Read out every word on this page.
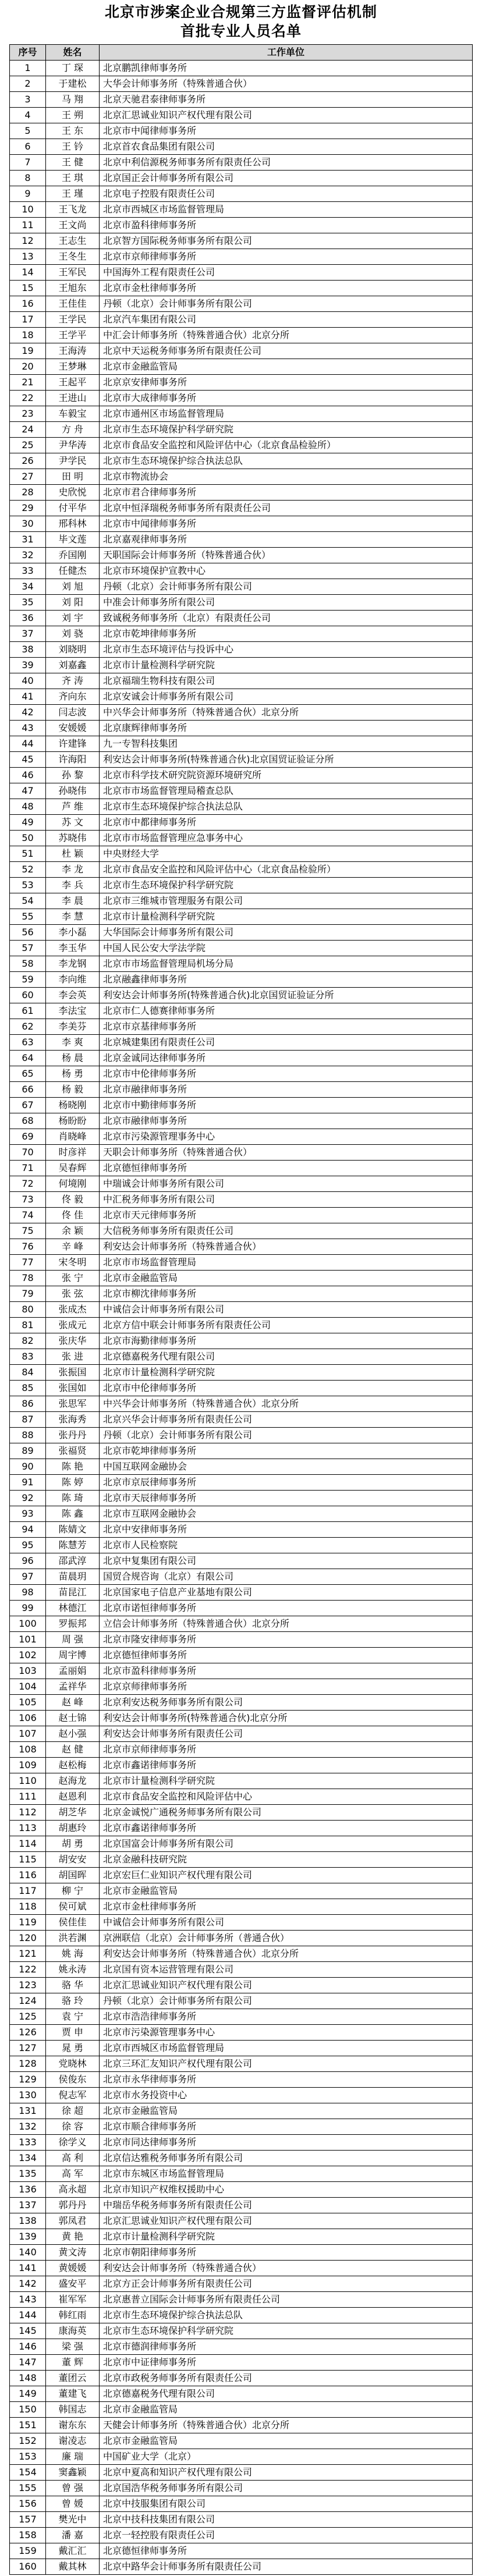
北京市涉案企业合规第三方监督评估机制
首批专业人员名单
序号	姓名	工作单位
1	丁 琛	北京鹏凯律师事务所
2	于建松	大华会计师事务所（特殊普通合伙）
3	马 翔	北京天驰君泰律师事务所
4	王 朔	北京汇思诚业知识产权代理有限公司
5	王 东	北京市中闻律师事务所
6	王 钤	北京首农食品集团有限公司
7	王 健	北京中利信源税务师事务所有限责任公司
8	王 琪	北京国正会计师事务所有限公司
9	王 瑾	北京电子控股有限责任公司
10	王飞龙	北京市西城区市场监督管理局
11	王文尚	北京市盈科律师事务所
12	王志生	北京智方国际税务师事务所有限公司
13	王冬生	北京市京师律师事务所
14	王军民	中国海外工程有限责任公司
15	王旭东	北京市金杜律师事务所
16	王佳佳	丹顿（北京）会计师事务所有限公司
17	王学民	北京汽车集团有限公司
18	王学平	中汇会计师事务所（特殊普通合伙）北京分所
19	王海涛	北京中天运税务师事务所有限责任公司
20	王梦琳	北京市金融监管局
21	王起平	北京京安律师事务所
22	王进山	北京市大成律师事务所
23	车毅宝	北京市通州区市场监督管理局
24	方 舟	北京市生态环境保护科学研究院
25	尹华涛	北京市食品安全监控和风险评估中心（北京食品检验所）
26	尹学民	北京市生态环境保护综合执法总队
27	田 明	北京市物流协会
28	史欣悦	北京市君合律师事务所
29	付平华	北京中恒泽瑞税务师事务所有限责任公司
30	邢科林	北京市中闻律师事务所
31	毕文莲	北京嘉观律师事务所
32	乔国刚	天职国际会计师事务所（特殊普通合伙）
33	任健杰	北京市环境保护宣教中心
34	刘 旭	丹顿（北京）会计师事务所有限公司
35	刘 阳	中准会计师事务所有限公司
36	刘 宇	致诚税务师事务所（北京）有限责任公司
37	刘 骁	北京市乾坤律师事务所
38	刘晓明	北京市生态环境评估与投诉中心
39	刘嘉鑫	北京市计量检测科学研究院
40	齐 涛	北京福瑞生物科技有限公司
41	齐向东	北京安诚会计师事务所有限公司
42	闫志波	中兴华会计师事务所（特殊普通合伙）北京分所
43	安媛媛	北京康辉律师事务所
44	许建锋	九一专智科技集团
45	许海阳	利安达会计师事务所(特殊普通合伙)北京国贸证验证分所
46	孙 黎	北京市科学技术研究院资源环境研究所
47	孙晓伟	北京市市场监督管理局稽查总队
48	芦 维	北京市生态环境保护综合执法总队
49	苏 文	北京市中都律师事务所
50	苏晓伟	北京市市场监督管理应急事务中心
51	杜 颖	中央财经大学
52	李 龙	北京市食品安全监控和风险评估中心（北京食品检验所）
53	李 兵	北京市生态环境保护科学研究院
54	李 晨	北京市三维城市管理服务有限公司
55	李 慧	北京市计量检测科学研究院
56	李小磊	大华国际会计师事务所有限公司
57	李玉华	中国人民公安大学法学院
58	李龙钢	北京市市场监督管理局机场分局
59	李向维	北京融鑫律师事务所
60	李会英	利安达会计师事务所(特殊普通合伙)北京国贸证验证分所
61	李法宝	北京市仁人德赛律师事务所
62	李美芬	北京市京基律师事务所
63	李 爽	北京城建集团有限责任公司
64	杨 晨	北京金诚同达律师事务所
65	杨 勇	北京市中伦律师事务所
66	杨 毅	北京市融律师事务所
67	杨晓刚	北京市中勤律师事务所
68	杨盼盼	北京市融律师事务所
69	肖晓峰	北京市污染源管理事务中心
70	时彦祥	天职会计师事务所（特殊普通合伙）
71	吴春辉	北京德恒律师事务所
72	何境刚	中瑞诚会计师事务所有限公司
73	佟 毅	中汇税务师事务所有限公司
74	佟 佳	北京市天元律师事务所
75	余 颖	大信税务师事务所有限责任公司
76	辛 峰	利安达会计师事务所（特殊普通合伙）
77	宋冬明	北京市市场监督管理局
78	张 宁	北京市金融监管局
79	张 弦	北京市柳沈律师事务所
80	张成杰	中诚信会计师事务所有限公司
81	张成元	北京方信中联会计师事务所有限责任公司
82	张庆华	北京市海勤律师事务所
83	张 进	北京德嘉税务代理有限公司
84	张振国	北京市计量检测科学研究院
85	张国如	北京市中伦律师事务所
86	张思军	中兴华会计师事务所（特殊普通合伙）北京分所
87	张海秀	北京兴华会计师事务所有限责任公司
88	张丹丹	丹顿（北京）会计师事务所有限公司
89	张福贤	北京市乾坤律师事务所
90	陈 艳	中国互联网金融协会
91	陈 婷	北京市京辰律师事务所
92	陈 琦	北京市天辰律师事务所
93	陈 鑫	北京市互联网金融协会
94	陈婧文	北京中安律师事务所
95	陈慧芳	北京市人民检察院
96	邵武淳	北京中复集团有限公司
97	苗晨玥	国贸合规咨询（北京）有限公司
98	苗昆江	北京国家电子信息产业基地有限公司
99	林德江	北京市诺恒律师事务所
100	罗振邦	立信会计师事务所（特殊普通合伙）北京分所
101	周 强	北京市隆安律师事务所
102	周宇博	北京德恒律师事务所
103	孟丽娟	北京市盈科律师事务所
104	孟祥华	北京京师律师事务所
105	赵 峰	北京利安达税务师事务所有限公司
106	赵士锦	利安达会计师事务所(特殊普通合伙)北京分所
107	赵小强	利安达会计师事务所有限责任公司
108	赵 健	北京市京师律师事务所
109	赵松梅	北京市鑫诺律师事务所
110	赵海龙	北京市计量检测科学研究院
111	赵恩利	北京市食品安全监控和风险评估中心
112	胡芝华	北京金诚悦广通税务师事务所有限公司
113	胡惠玲	北京市鑫诺律师事务所
114	胡 勇	北京国富会计师事务所有限公司
115	胡安安	北京金融科技研究院
116	胡国晖	北京宏巨仁业知识产权代理有限公司
117	柳 宁	北京市金融监管局
118	侯可斌	北京市金杜律师事务所
119	侯佳佳	中诚信会计师事务所有限公司
120	洪若渊	京洲联信（北京）会计师事务所（普通合伙）
121	姚 海	利安达会计师事务所（特殊普通合伙）北京分所
122	姚永涛	北京国有资本运营管理有限公司
123	骆 华	北京汇思诚业知识产权代理有限公司
124	骆 玲	丹顿（北京）会计师事务所有限公司
125	袁 宁	北京市浩浩律师事务所
126	贾 申	北京市污染源管理事务中心
127	晁 勇	北京市西城区市场监督管理局
128	党晓林	北京三环汇友知识产权代理有限公司
129	侯俊东	北京市永华律师事务所
130	倪志军	北京市水务投资中心
131	徐 超	北京市金融监管局
132	徐 容	北京市顺合律师事务所
133	徐学义	北京市同达律师事务所
134	高 利	北京信达雅税务师事务所有限公司
135	高 军	北京市东城区市场监督管理局
136	高永超	北京市知识产权维权援助中心
137	郭丹丹	中瑞岳华税务师事务所有限责任公司
138	郭凤君	北京汇思诚业知识产权代理有限公司
139	黄 艳	北京市计量检测科学研究院
140	黄文涛	北京市朝阳律师事务所
141	黄媛媛	利安达会计师事务所（特殊普通合伙）
142	盛安平	北京方正会计师事务所有限责任公司
143	崔军军	北京惠普立国际会计师事务所有限责任公司
144	韩红雨	北京市生态环境保护综合执法总队
145	康海英	北京市生态环境保护科学研究院
146	梁 强	北京市德润律师事务所
147	董 辉	北京市中证律师事务所
148	董团云	北京市政税务师事务所有限责任公司
149	董建飞	北京德嘉税务代理有限公司
150	韩国志	北京市金融监管局
151	谢东东	天健会计师事务所（特殊普通合伙）北京分所
152	谢凌志	北京市金融监管局
153	廉 瑞	中国矿业大学（北京）
154	窦鑫颖	北京中夏高和知识产权代理有限公司
155	曾 强	北京国浩华税务师事务所有限公司
156	曾 媛	北京中技服集团有限公司
157	樊光中	北京中技科技集团有限公司
158	潘 嘉	北京一轻控股有限责任公司
159	戴汇汇	北京德恒律师事务所
160	戴其林	北京中路华会计师事务所有限责任公司
